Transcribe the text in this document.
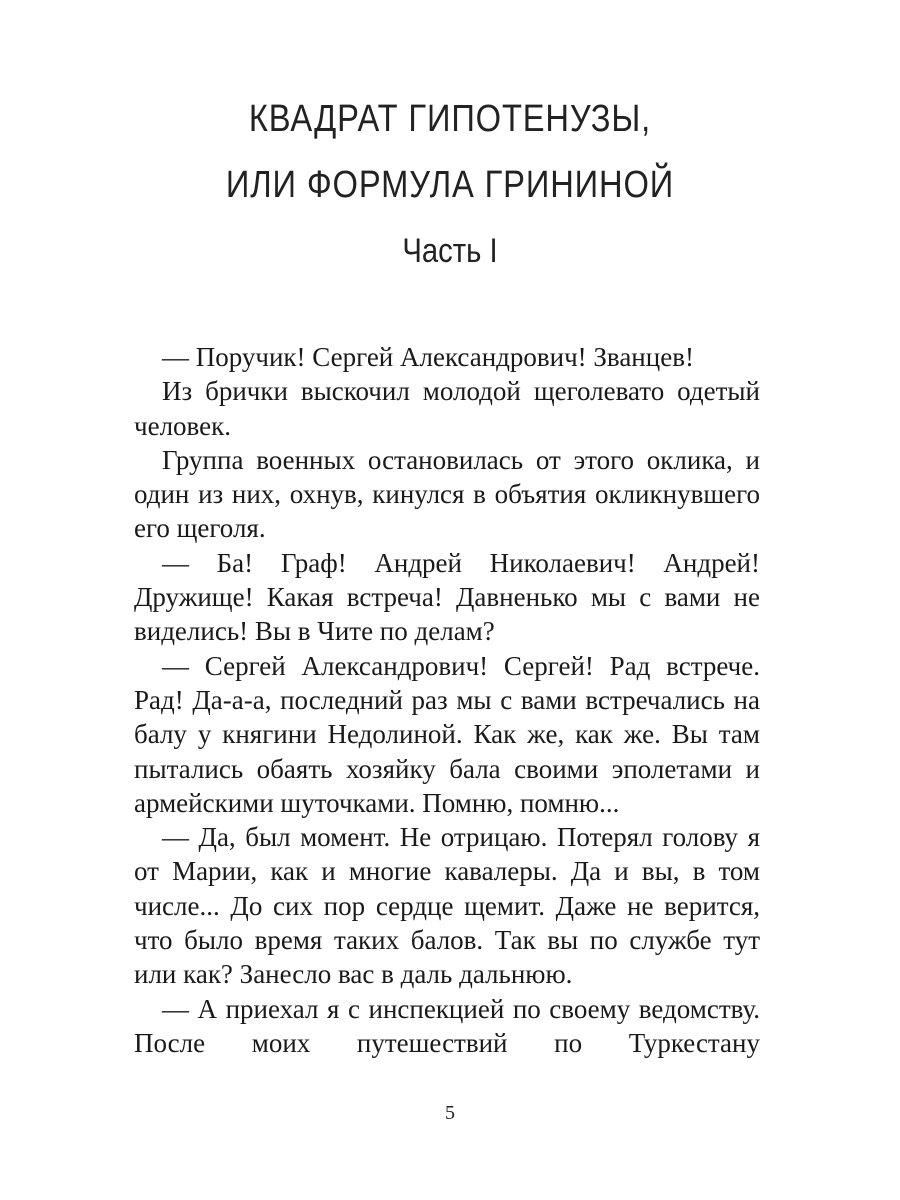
КВАДРАТ ГИПОТЕНУЗЫ,
ИЛИ ФОРМУЛА ГРИНИНОЙ
Часть I

— Поручик! Сергей Александрович! Званцев!

Из брички выскочил молодой щеголевато одетый человек.

Группа военных остановилась от этого оклика, и один из них, охнув, кинулся в объятия окликнувшего его щеголя.

— Ба! Граф! Андрей Николаевич! Андрей! Дружище! Какая встреча! Давненько мы с вами не виделись! Вы в Чите по делам?

— Сергей Александрович! Сергей! Рад встрече. Рад! Да-а-а, последний раз мы с вами встречались на балу у княгини Недолиной. Как же, как же. Вы там пытались обаять хозяйку бала своими эполетами и армейскими шуточками. Помню, помню...

— Да, был момент. Не отрицаю. Потерял голову я от Марии, как и многие кавалеры. Да и вы, в том числе... До сих пор сердце щемит. Даже не верится, что было время таких балов. Так вы по службе тут или как? Занесло вас в даль дальнюю.

— А приехал я с инспекцией по своему ведомству. После моих путешествий по Туркестану

5
